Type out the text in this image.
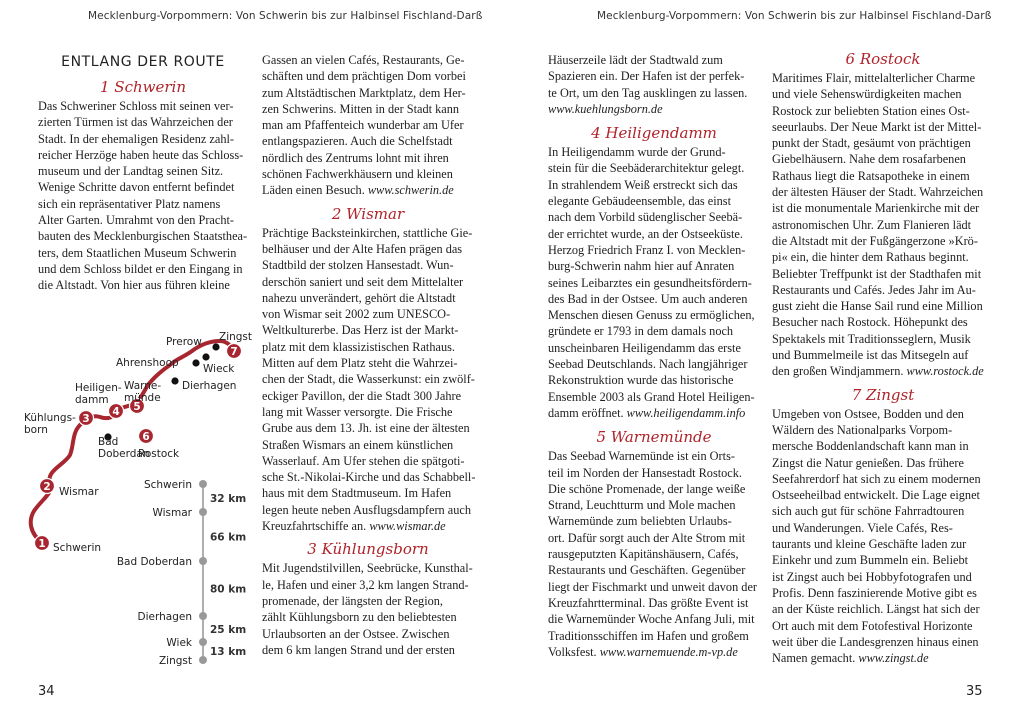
Mecklenburg-Vorpommern: Von Schwerin bis zur Halbinsel Fischland-Darß	Mecklenburg-Vorpommern: Von Schwerin bis zur Halbinsel Fischland-Darß
34	35
ENTLANG DER ROUTE
1 Schwerin

Das Schweriner Schloss mit seinen ver-
zierten Türmen ist das Wahrzeichen der
Stadt. In der ehemaligen Residenz zahl-
reicher Herzöge haben heute das Schloss-
museum und der Landtag seinen Sitz.
Wenige Schritte davon entfernt befindet
sich ein repräsentativer Platz namens
Alter Garten. Umrahmt von den Pracht-
bauten des Mecklenburgischen Staatsthea-
ters, dem Staatlichen Museum Schwerin
und dem Schloss bildet er den Eingang in
die Altstadt. Von hier aus führen kleine

1 Schwerin
2 Wismar
3
Kühlungs-
born
4
Heiligen-
damm
5
Warne-
münde
6
Rostock
7
Zingst
Bad
Doberdan
Dierhagen
Wieck
Ahrenshoop
Prerow
Schwerin
Wismar
Bad Doberdan
Dierhagen
Wiek
Zingst
32 km
66 km
80 km
25 km
13 km

Gassen an vielen Cafés, Restaurants, Ge-
schäften und dem prächtigen Dom vorbei
zum Altstädtischen Marktplatz, dem Her-
zen Schwerins. Mitten in der Stadt kann
man am Pfaffenteich wunderbar am Ufer
entlangspazieren. Auch die Schelfstadt
nördlich des Zentrums lohnt mit ihren
schönen Fachwerkhäusern und kleinen
Läden einen Besuch. www.schwerin.de

2 Wismar

Prächtige Backsteinkirchen, stattliche Gie-
belhäuser und der Alte Hafen prägen das
Stadtbild der stolzen Hansestadt. Wun-
derschön saniert und seit dem Mittelalter
nahezu unverändert, gehört die Altstadt
von Wismar seit 2002 zum UNESCO-
Weltkulturerbe. Das Herz ist der Markt-
platz mit dem klassizistischen Rathaus.
Mitten auf dem Platz steht die Wahrzei-
chen der Stadt, die Wasserkunst: ein zwölf-
eckiger Pavillon, der die Stadt 300 Jahre
lang mit Wasser versorgte. Die Frische
Grube aus dem 13. Jh. ist eine der ältesten
Straßen Wismars an einem künstlichen
Wasserlauf. Am Ufer stehen die spätgoti-
sche St.-Nikolai-Kirche und das Schabbell-
haus mit dem Stadtmuseum. Im Hafen
legen heute neben Ausflugsdampfern auch
Kreuzfahrtschiffe an. www.wismar.de

3 Kühlungsborn

Mit Jugendstilvillen, Seebrücke, Kunsthal-
le, Hafen und einer 3,2 km langen Strand-
promenade, der längsten der Region,
zählt Kühlungsborn zu den beliebtesten
Urlaubsorten an der Ostsee. Zwischen
dem 6 km langen Strand und der ersten

Häuserzeile lädt der Stadtwald zum
Spazieren ein. Der Hafen ist der perfek-
te Ort, um den Tag ausklingen zu lassen.

www.kuehlungsborn.de

4 Heiligendamm

In Heiligendamm wurde der Grund-
stein für die Seebäderarchitektur gelegt.
In strahlendem Weiß erstreckt sich das
elegante Gebäudeensemble, das einst
nach dem Vorbild südenglischer Seebä-
der errichtet wurde, an der Ostseeküste.
Herzog Friedrich Franz I. von Mecklen-
burg-Schwerin nahm hier auf Anraten
seines Leibarztes ein gesundheitsfördern-
des Bad in der Ostsee. Um auch anderen
Menschen diesen Genuss zu ermöglichen,
gründete er 1793 in dem damals noch
unscheinbaren Heiligendamm das erste
Seebad Deutschlands. Nach langjähriger
Rekonstruktion wurde das historische
Ensemble 2003 als Grand Hotel Heiligen-
damm eröffnet. www.heiligendamm.info

5 Warnemünde

Das Seebad Warnemünde ist ein Orts-
teil im Norden der Hansestadt Rostock.
Die schöne Promenade, der lange weiße
Strand, Leuchtturm und Mole machen
Warnemünde zum beliebten Urlaubs-
ort. Dafür sorgt auch der Alte Strom mit
rausgeputzten Kapitänshäusern, Cafés,
Restaurants und Geschäften. Gegenüber
liegt der Fischmarkt und unweit davon der
Kreuzfahrtterminal. Das größte Event ist
die Warnemünder Woche Anfang Juli, mit
Traditionsschiffen im Hafen und großem
Volksfest. www.warnemuende.m-vp.de

6 Rostock

Maritimes Flair, mittelalterlicher Charme
und viele Sehenswürdigkeiten machen
Rostock zur beliebten Station eines Ost-
seeurlaubs. Der Neue Markt ist der Mittel-
punkt der Stadt, gesäumt von prächtigen
Giebelhäusern. Nahe dem rosafarbenen
Rathaus liegt die Ratsapotheke in einem
der ältesten Häuser der Stadt. Wahrzeichen
ist die monumentale Marienkirche mit der
astronomischen Uhr. Zum Flanieren lädt
die Altstadt mit der Fußgängerzone »Krö-
pi« ein, die hinter dem Rathaus beginnt.
Beliebter Treffpunkt ist der Stadthafen mit
Restaurants und Cafés. Jedes Jahr im Au-
gust zieht die Hanse Sail rund eine Million
Besucher nach Rostock. Höhepunkt des
Spektakels mit Traditionsseglern, Musik
und Bummelmeile ist das Mitsegeln auf
den großen Windjammern. www.rostock.de

7 Zingst

Umgeben von Ostsee, Bodden und den
Wäldern des Nationalparks Vorpom-
mersche Boddenlandschaft kann man in
Zingst die Natur genießen. Das frühere
Seefahrerdorf hat sich zu einem modernen
Ostseeheilbad entwickelt. Die Lage eignet
sich auch gut für schöne Fahrradtouren
und Wanderungen. Viele Cafés, Res-
taurants und kleine Geschäfte laden zur
Einkehr und zum Bummeln ein. Beliebt
ist Zingst auch bei Hobbyfotografen und
Profis. Denn faszinierende Motive gibt es
an der Küste reichlich. Längst hat sich der
Ort auch mit dem Fotofestival Horizonte
weit über die Landesgrenzen hinaus einen
Namen gemacht. www.zingst.de
